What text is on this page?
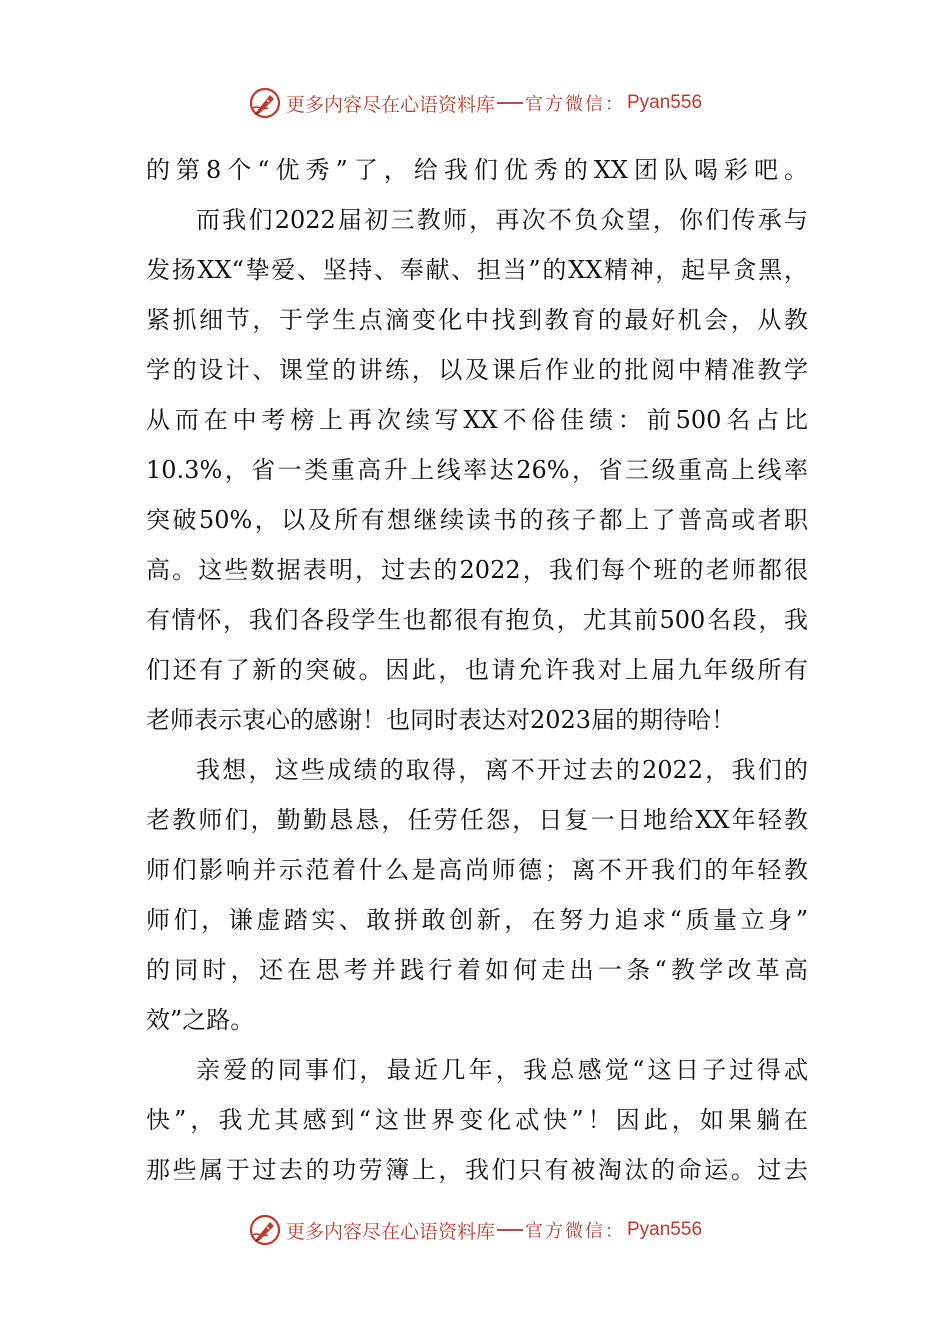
更多内容尽在心语资料库 官方微信： Pyan556
的第8个“优秀”了，给我们优秀的XX团队喝彩吧。
而我们2022届初三教师，再次不负众望，你们传承与
发扬XX“挚爱、坚持、奉献、担当”的XX精神，起早贪黑，
紧抓细节，于学生点滴变化中找到教育的最好机会，从教
学的设计、课堂的讲练，以及课后作业的批阅中精准教学
从而在中考榜上再次续写XX不俗佳绩：前500名占比
10.3%，省一类重高升上线率达26%，省三级重高上线率
突破50%，以及所有想继续读书的孩子都上了普高或者职
高。这些数据表明，过去的2022，我们每个班的老师都很
有情怀，我们各段学生也都很有抱负，尤其前500名段，我
们还有了新的突破。因此，也请允许我对上届九年级所有
老师表示衷心的感谢！也同时表达对2023届的期待哈！
我想，这些成绩的取得，离不开过去的2022，我们的
老教师们，勤勤恳恳，任劳任怨，日复一日地给XX年轻教
师们影响并示范着什么是高尚师德；离不开我们的年轻教
师们，谦虚踏实、敢拼敢创新，在努力追求“质量立身”
的同时，还在思考并践行着如何走出一条“教学改革高
效”之路。
亲爱的同事们，最近几年，我总感觉“这日子过得忒
快”，我尤其感到“这世界变化忒快”！因此，如果躺在
那些属于过去的功劳簿上，我们只有被淘汰的命运。过去
更多内容尽在心语资料库 官方微信： Pyan556
